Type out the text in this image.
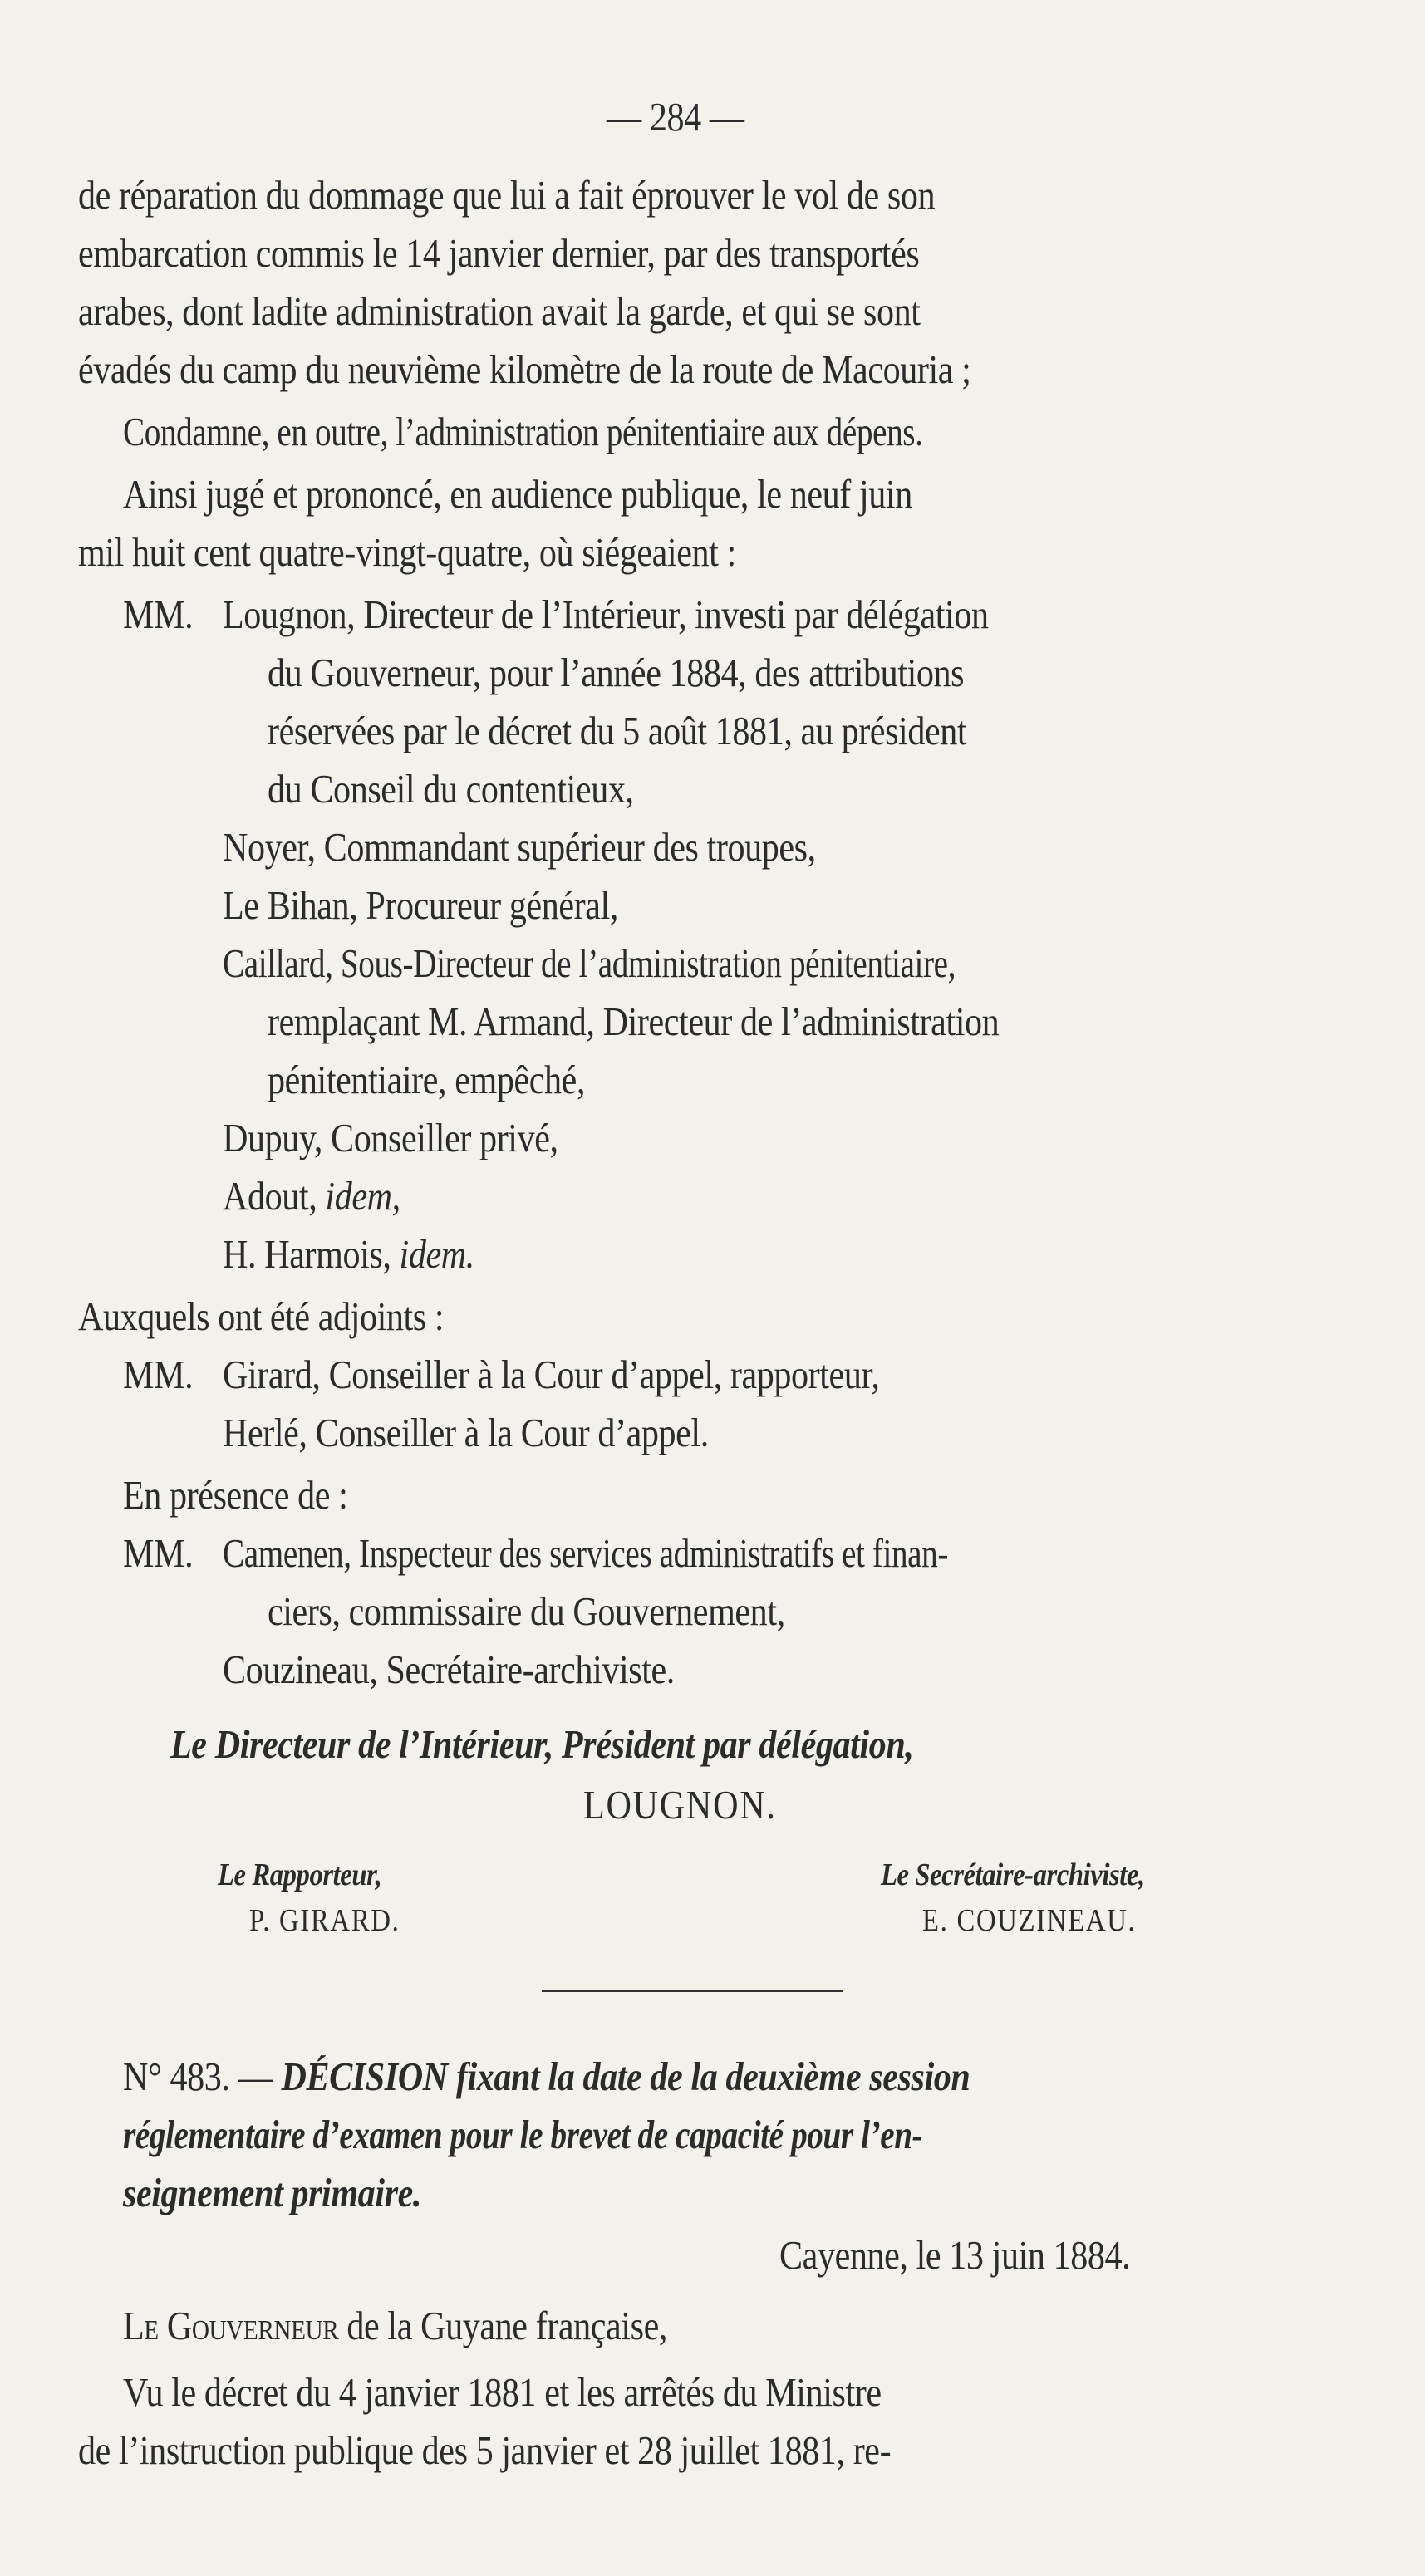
— 284 —
de réparation du dommage que lui a fait éprouver le vol de son
embarcation commis le 14 janvier dernier, par des transportés
arabes, dont ladite administration avait la garde, et qui se sont
évadés du camp du neuvième kilomètre de la route de Macouria ;
Condamne, en outre, l’administration pénitentiaire aux dépens.
Ainsi jugé et prononcé, en audience publique, le neuf juin
mil huit cent quatre-vingt-quatre, où siégeaient :
MM. Lougnon, Directeur de l’Intérieur, investi par délégation
du Gouverneur, pour l’année 1884, des attributions
réservées par le décret du 5 août 1881, au président
du Conseil du contentieux,
Noyer, Commandant supérieur des troupes,
Le Bihan, Procureur général,
Caillard, Sous-Directeur de l’administration pénitentiaire,
remplaçant M. Armand, Directeur de l’administration
pénitentiaire, empêché,
Dupuy, Conseiller privé,
Adout, idem,
H. Harmois, idem.
Auxquels ont été adjoints :
MM. Girard, Conseiller à la Cour d’appel, rapporteur,
Herlé, Conseiller à la Cour d’appel.
En présence de :
MM. Camenen, Inspecteur des services administratifs et finan-
ciers, commissaire du Gouvernement,
Couzineau, Secrétaire-archiviste.
Le Directeur de l’Intérieur, Président par délégation,
LOUGNON.
Le Rapporteur,
P. GIRARD.
Le Secrétaire-archiviste,
E. COUZINEAU.
N° 483. — DÉCISION fixant la date de la deuxième session
réglementaire d’examen pour le brevet de capacité pour l’en-
seignement primaire.
Cayenne, le 13 juin 1884.
Le Gouverneur de la Guyane française,
Vu le décret du 4 janvier 1881 et les arrêtés du Ministre
de l’instruction publique des 5 janvier et 28 juillet 1881, re-
